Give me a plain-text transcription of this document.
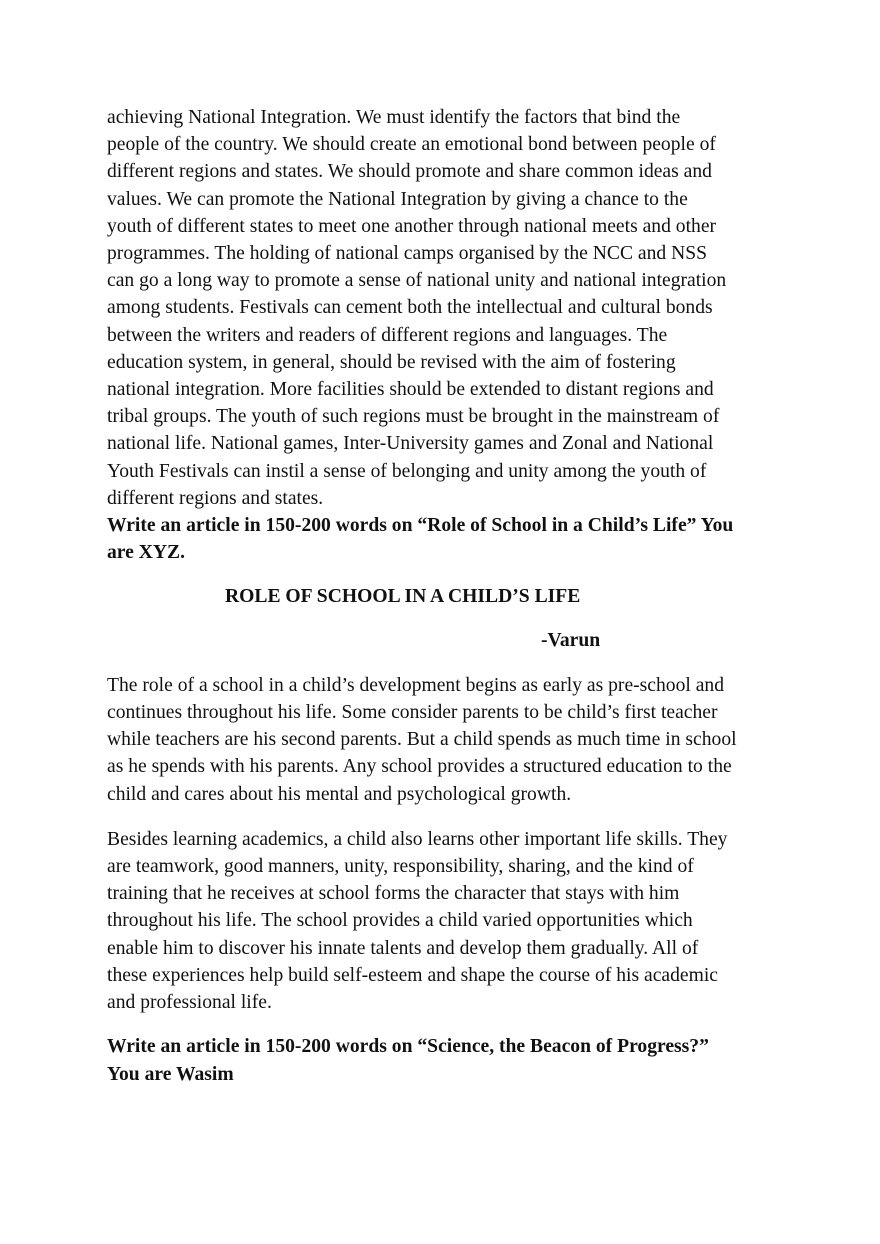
achieving National Integration. We must identify the factors that bind the
people of the country. We should create an emotional bond between people of
different regions and states. We should promote and share common ideas and
values. We can promote the National Integration by giving a chance to the
youth of different states to meet one another through national meets and other
programmes. The holding of national camps organised by the NCC and NSS
can go a long way to promote a sense of national unity and national integration
among students. Festivals can cement both the intellectual and cultural bonds
between the writers and readers of different regions and languages. The
education system, in general, should be revised with the aim of fostering
national integration. More facilities should be extended to distant regions and
tribal groups. The youth of such regions must be brought in the mainstream of
national life. National games, Inter-University games and Zonal and National
Youth Festivals can instil a sense of belonging and unity among the youth of
different regions and states.

Write an article in 150-200 words on “Role of School in a Child’s Life” You
are XYZ.

ROLE OF SCHOOL IN A CHILD’S LIFE

-Varun

The role of a school in a child’s development begins as early as pre-school and
continues throughout his life. Some consider parents to be child’s first teacher
while teachers are his second parents. But a child spends as much time in school
as he spends with his parents. Any school provides a structured education to the
child and cares about his mental and psychological growth.

Besides learning academics, a child also learns other important life skills. They
are teamwork, good manners, unity, responsibility, sharing, and the kind of
training that he receives at school forms the character that stays with him
throughout his life. The school provides a child varied opportunities which
enable him to discover his innate talents and develop them gradually. All of
these experiences help build self-esteem and shape the course of his academic
and professional life.

Write an article in 150-200 words on “Science, the Beacon of Progress?”
You are Wasim
